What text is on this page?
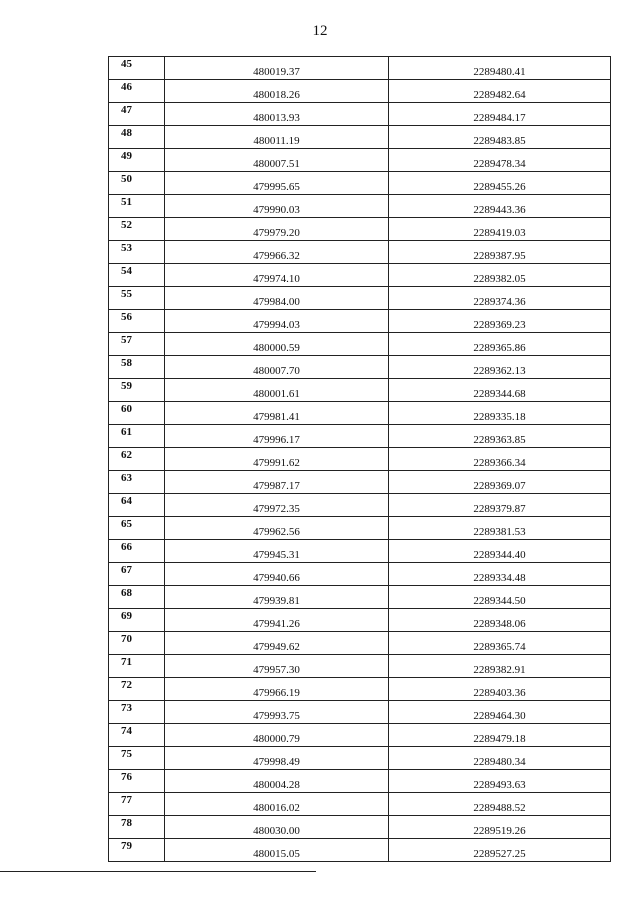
12
45	480019.37	2289480.41
46	480018.26	2289482.64
47	480013.93	2289484.17
48	480011.19	2289483.85
49	480007.51	2289478.34
50	479995.65	2289455.26
51	479990.03	2289443.36
52	479979.20	2289419.03
53	479966.32	2289387.95
54	479974.10	2289382.05
55	479984.00	2289374.36
56	479994.03	2289369.23
57	480000.59	2289365.86
58	480007.70	2289362.13
59	480001.61	2289344.68
60	479981.41	2289335.18
61	479996.17	2289363.85
62	479991.62	2289366.34
63	479987.17	2289369.07
64	479972.35	2289379.87
65	479962.56	2289381.53
66	479945.31	2289344.40
67	479940.66	2289334.48
68	479939.81	2289344.50
69	479941.26	2289348.06
70	479949.62	2289365.74
71	479957.30	2289382.91
72	479966.19	2289403.36
73	479993.75	2289464.30
74	480000.79	2289479.18
75	479998.49	2289480.34
76	480004.28	2289493.63
77	480016.02	2289488.52
78	480030.00	2289519.26
79	480015.05	2289527.25
